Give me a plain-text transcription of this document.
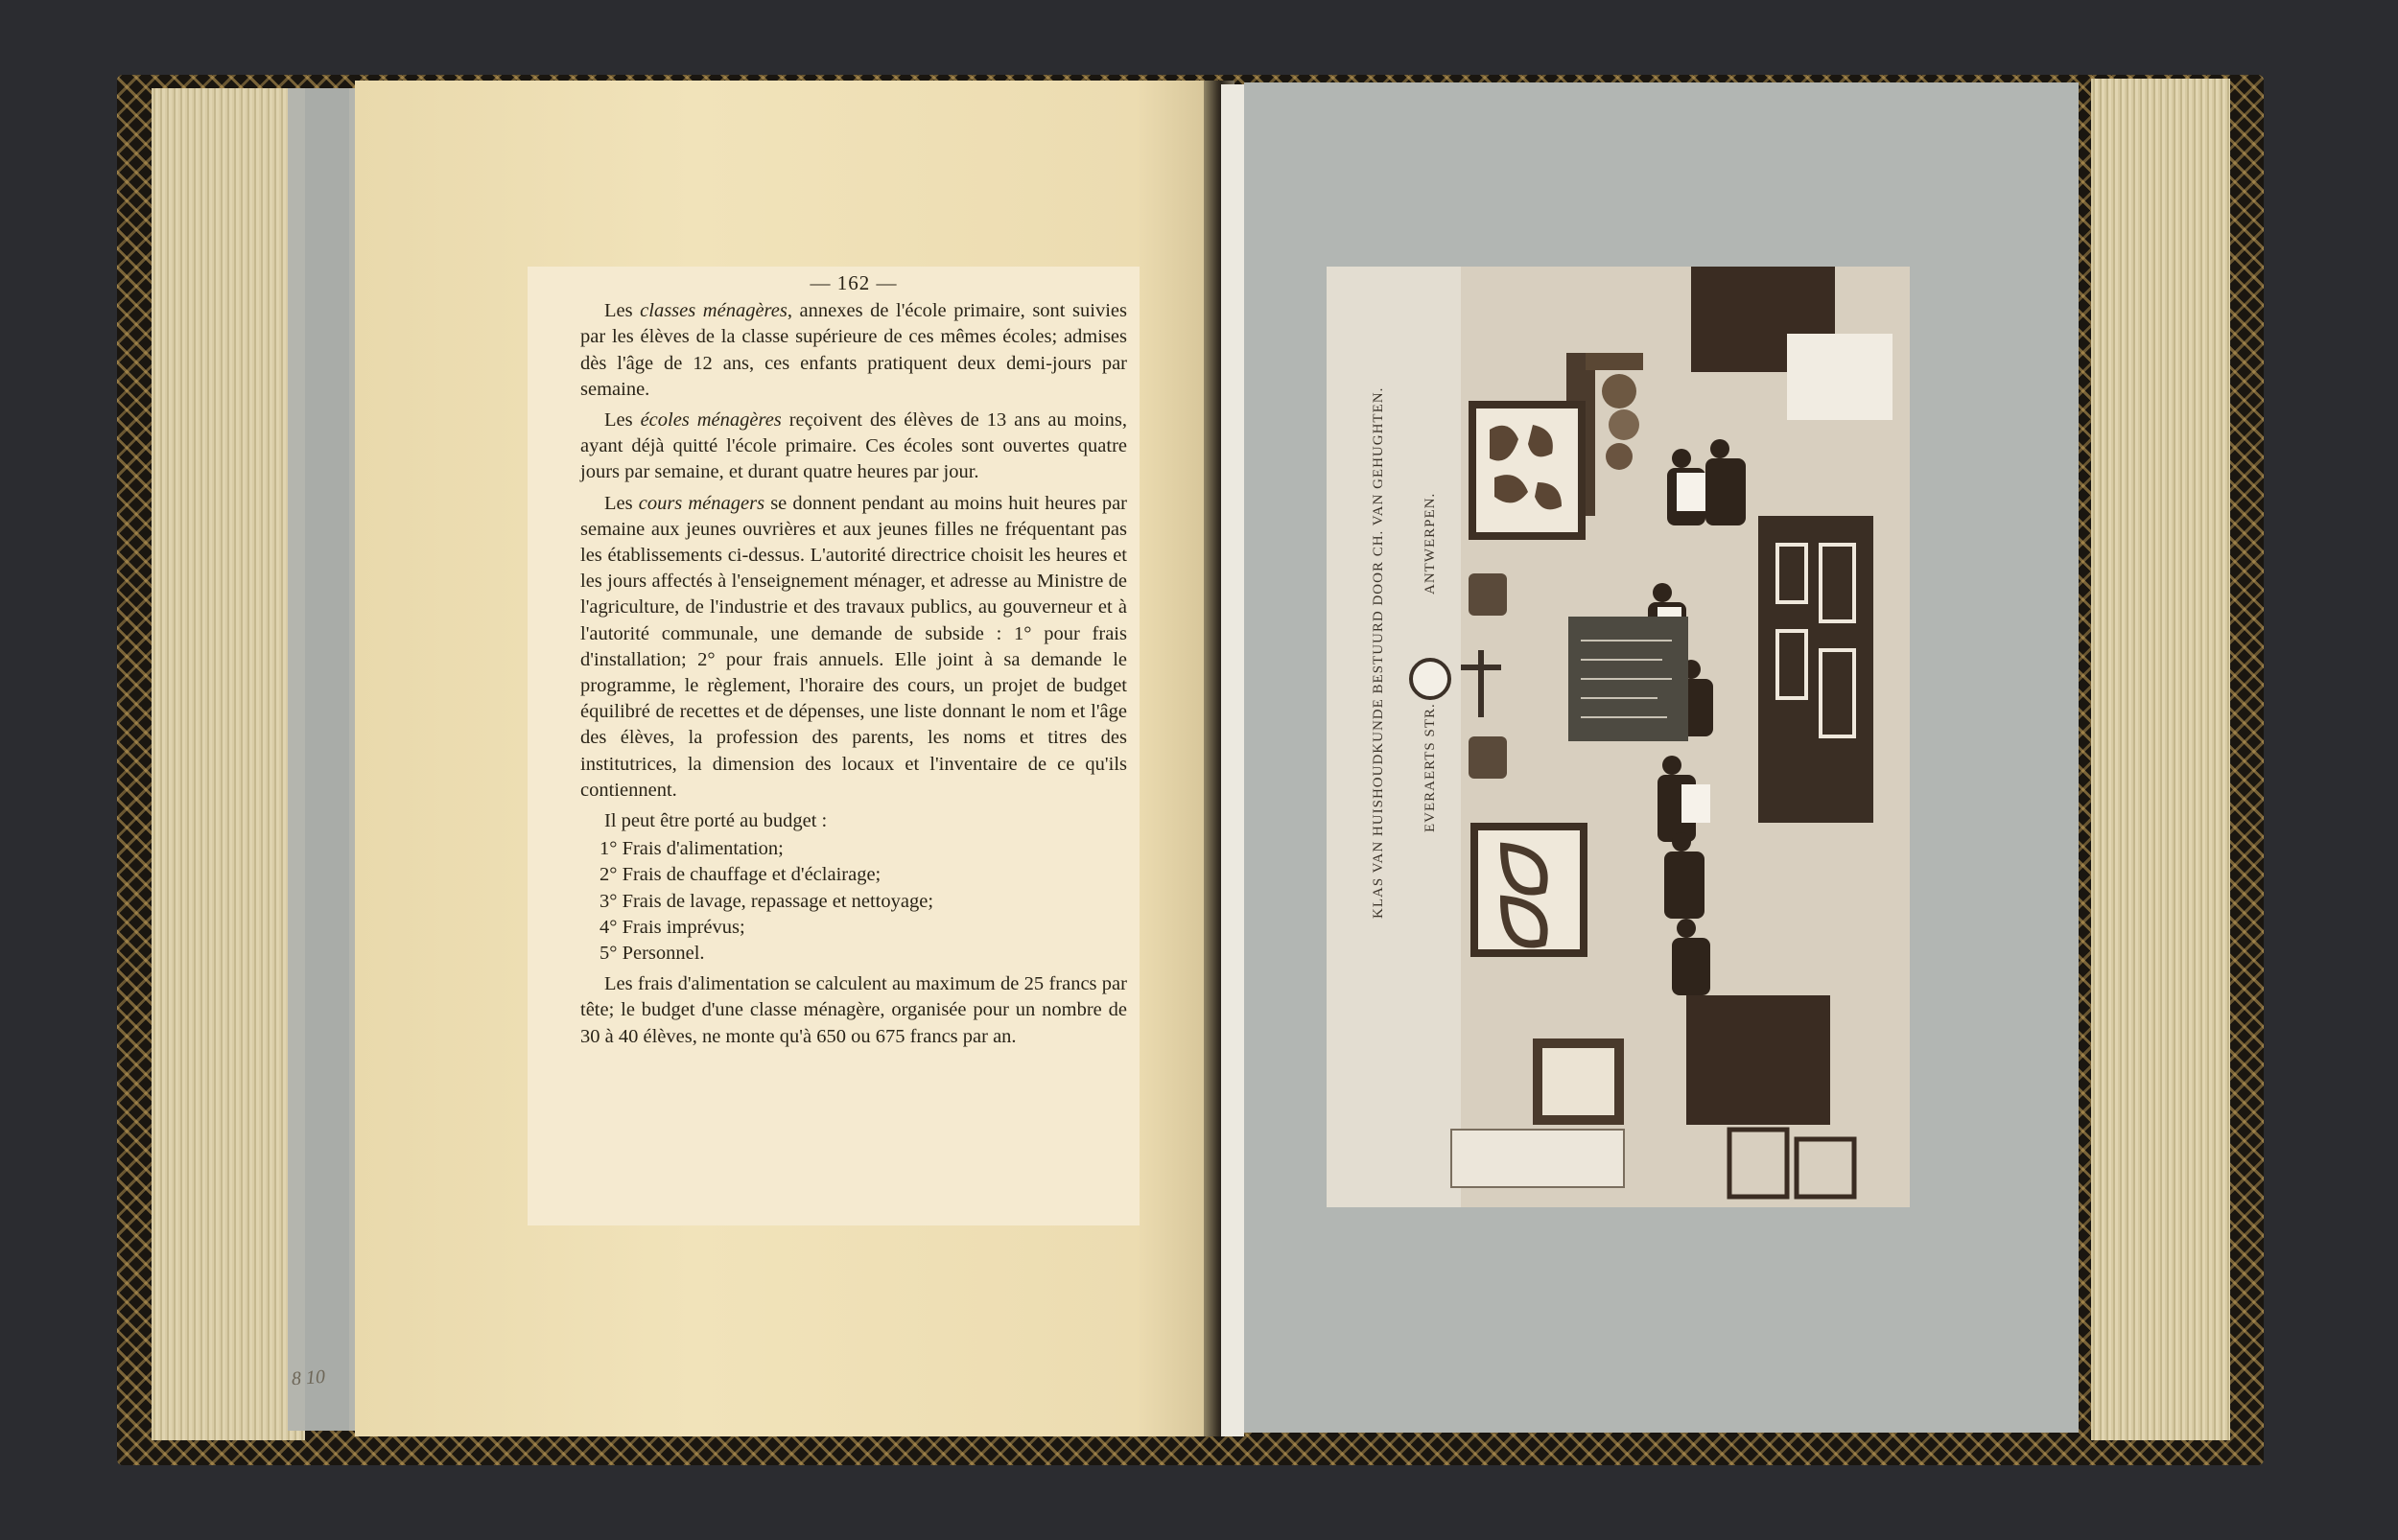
— 162 —

Les classes ménagères, annexes de l'école primaire, sont suivies par les élèves de la classe supérieure de ces mêmes écoles; admises dès l'âge de 12 ans, ces enfants pratiquent deux demi-jours par semaine.

Les écoles ménagères reçoivent des élèves de 13 ans au moins, ayant déjà quitté l'école primaire. Ces écoles sont ouvertes quatre jours par semaine, et durant quatre heures par jour.

Les cours ménagers se donnent pendant au moins huit heures par semaine aux jeunes ouvrières et aux jeunes filles ne fréquentant pas les établissements ci-dessus. L'autorité directrice choisit les heures et les jours affectés à l'enseignement ménager, et adresse au Ministre de l'agriculture, de l'industrie et des travaux publics, au gouverneur et à l'autorité communale, une demande de subside : 1° pour frais d'installation; 2° pour frais annuels. Elle joint à sa demande le programme, le règlement, l'horaire des cours, un projet de budget équilibré de recettes et de dépenses, une liste donnant le nom et l'âge des élèves, la profession des parents, les noms et titres des institutrices, la dimension des locaux et l'inventaire de ce qu'ils contiennent.

Il peut être porté au budget :

1° Frais d'alimentation;
2° Frais de chauffage et d'éclairage;
3° Frais de lavage, repassage et nettoyage;
4° Frais imprévus;
5° Personnel.

Les frais d'alimentation se calculent au maximum de 25 francs par tête; le budget d'une classe ménagère, organisée pour un nombre de 30 à 40 élèves, ne monte qu'à 650 ou 675 francs par an.

8 10
KLAS VAN HUISHOUDKUNDE BESTUURD DOOR CH. VAN GEHUGHTEN.	ANTWERPEN.
EVERAERTS STR.
